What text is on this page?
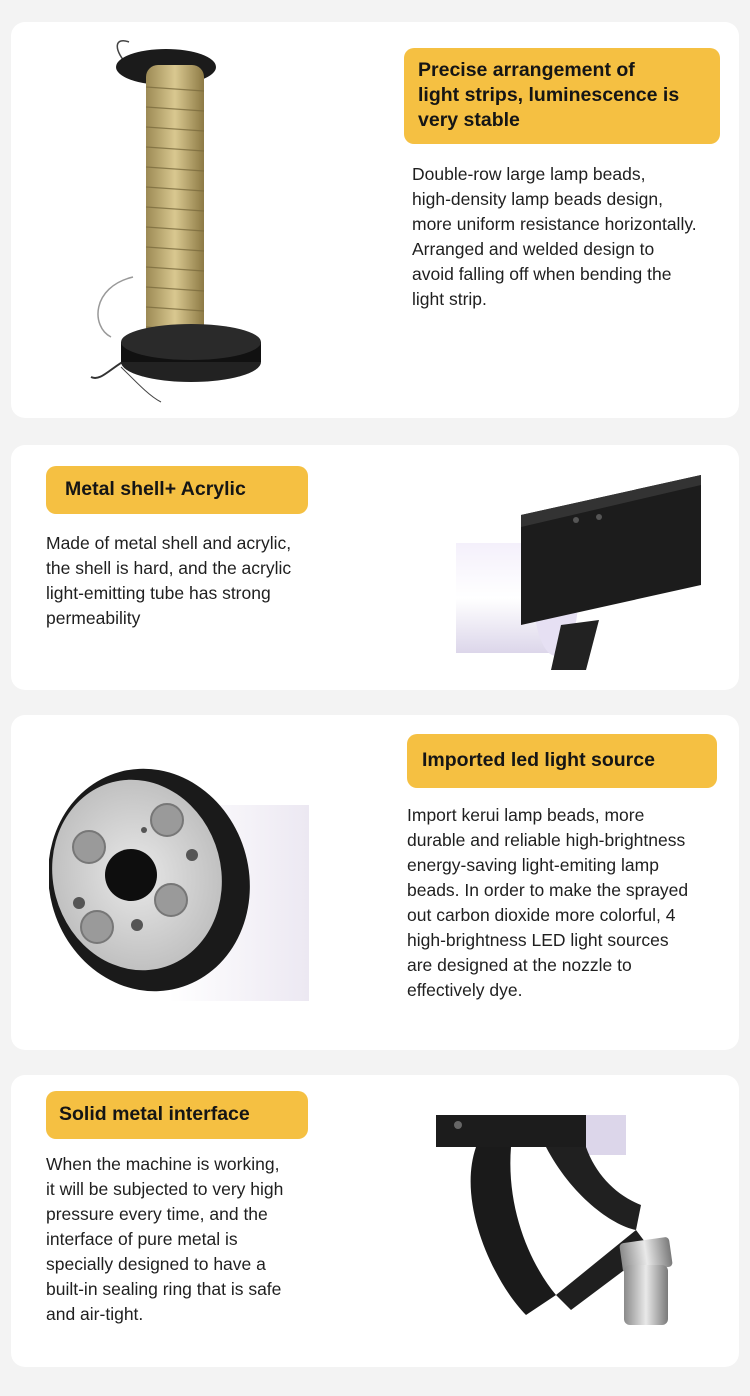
Precise arrangement of
light strips, luminescence is
very stable
Double-row large lamp beads,
high-density lamp beads design,
more uniform resistance horizontally.
Arranged and welded design to
avoid falling off when bending the
light strip.
Metal shell+ Acrylic
Made of metal shell and acrylic,
the shell is hard, and the acrylic
light-emitting tube has strong
permeability
Imported led light source
Import kerui lamp beads, more
durable and reliable high-brightness
energy-saving light-emiting lamp
beads. In order to make the sprayed
out carbon dioxide more colorful, 4
high-brightness LED light sources
are designed at the nozzle to
effectively dye.
Solid metal interface
When the machine is working,
it will be subjected to very high
pressure every time, and the
interface of pure metal is
specially designed to have a
built-in sealing ring that is safe
and air-tight.
